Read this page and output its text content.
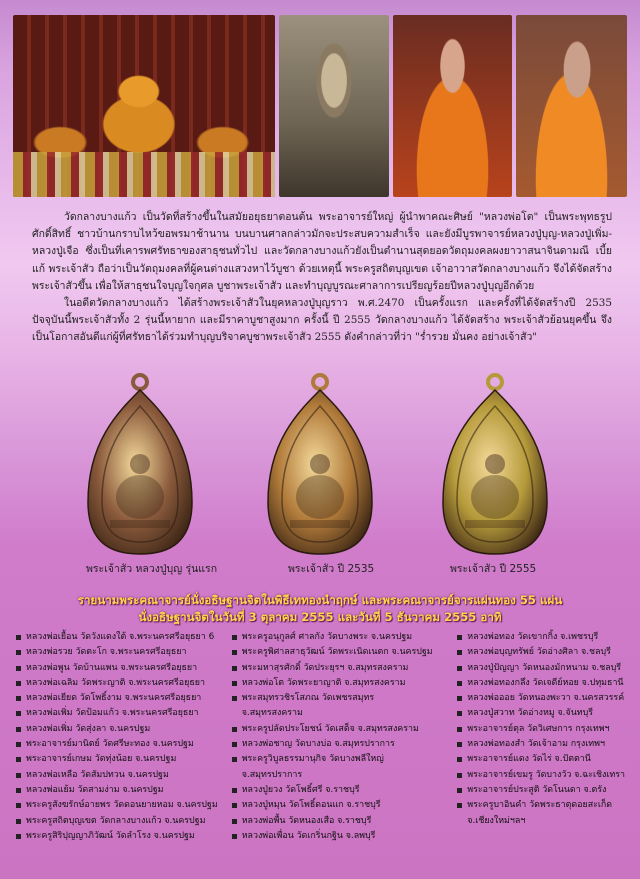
วัดกลางบางแก้ว เป็นวัดที่สร้างขึ้นในสมัยอยุธยาตอนต้น พระอาจารย์ใหญ่ ผู้นำพาคณะศิษย์ "หลวงพ่อโต" เป็นพระพุทธรูปศักดิ์สิทธิ์ ชาวบ้านกราบไหว้ขอพรมาช้านาน บนบานศาลกล่าวมักจะประสบความสำเร็จ และยังมีบูรพาจารย์หลวงปู่บุญ-หลวงปู่เพิ่ม-หลวงปู่เจือ ซึ่งเป็นที่เคารพศรัทธาของสาธุชนทั่วไป และวัดกลางบางแก้วยังเป็นตำนานสุดยอดวัตถุมงคลผงยาวาสนาจินดามณี เบี้ยแก้ พระเจ้าสัว ถือว่าเป็นวัตถุมงคลที่ผู้คนต่างแสวงหาไว้บูชา ด้วยเหตุนี้ พระครูสถิตบุญเขต เจ้าอาวาสวัดกลางบางแก้ว จึงได้จัดสร้างพระเจ้าสัวขึ้น เพื่อให้สาธุชนใจบุญใจกุศล บูชาพระเจ้าสัว และทำบุญบูรณะศาลาการเปรียญร้อยปีหลวงปู่บุญอีกด้วย

ในอดีตวัดกลางบางแก้ว ได้สร้างพระเจ้าสัวในยุคหลวงปู่บุญราว พ.ศ.2470 เป็นครั้งแรก และครั้งที่ได้จัดสร้างปี 2535 ปัจจุบันนี้พระเจ้าสัวทั้ง 2 รุ่นนี้หายาก และมีราคาบูชาสูงมาก ครั้งนี้ ปี 2555 วัดกลางบางแก้ว ได้จัดสร้าง พระเจ้าสัวย้อนยุคขึ้น จึงเป็นโอกาสอันดีแก่ผู้ที่ศรัทธาได้ร่วมทำบุญบริจาคบูชาพระเจ้าสัว 2555 ดังคำกล่าวที่ว่า "ร่ำรวย มั่นคง อย่างเจ้าสัว"

พระเจ้าสัว หลวงปู่บุญ รุ่นแรก	พระเจ้าสัว ปี 2535	พระเจ้าสัว ปี 2555
รายนามพระคณาจารย์นั่งอธิษฐานจิตในพิธีเททองนำฤกษ์ และพระคณาจารย์จารแผ่นทอง 55 แผ่น
นั่งอธิษฐานจิตในวันที่ 3 ตุลาคม 2555 และวันที่ 5 ธันวาคม 2555 อาทิ
หลวงพ่อเยื้อน วัดวังแดงใต้ จ.พระนครศรีอยุธยา 6
หลวงพ่อรวย วัดตะโก จ.พระนครศรีอยุธยา
หลวงพ่อพูน วัดบ้านแพน จ.พระนครศรีอยุธยา
หลวงพ่อเฉลิม วัดพระญาติ จ.พระนครศรีอยุธยา
หลวงพ่อเยียด วัดโพธิ์งาม จ.พระนครศรีอยุธยา
หลวงพ่อเพิ่ม วัดป้อมแก้ว จ.พระนครศรีอยุธยา
หลวงพ่อเพิ่ม วัดสุ่งลา จ.นครปฐม
พระอาจารย์มานิตย์ วัดศรีษะทอง จ.นครปฐม
พระอาจารย์เกษม วัดทุ่งน้อย จ.นครปฐม
หลวงพ่อเหลือ วัดสัมปทวน จ.นครปฐม
หลวงพ่อแย้ม วัดสามง่าม จ.นครปฐม
พระครูสังฆรักษ์อายพร วัดดอนยายหอม จ.นครปฐม
พระครูสถิตบุญเขต วัดกลางบางแก้ว จ.นครปฐม
พระครูสิริปุญญาภิวัฒน์ วัดลำโรง จ.นครปฐม
พระครูอนุกูลศ์ ศาลกัง วัดบางพระ จ.นครปฐม
พระครูพิศาลสาธุวัฒน์ วัดพระเนิดเนตก จ.นครปฐม
พระมหาสุรศักดิ์ วัดประยุรฯ จ.สมุทรสงคราม
หลวงพ่อโต วัดพระยาญาติ จ.สมุทรสงคราม
พระสมุทรวชิรโสภณ วัดเพชรสมุทร
จ.สมุทรสงคราม
พระครูปลัดประโยชน์ วัดเสด็จ จ.สมุทรสงคราม
หลวงพ่อชาญ วัดบางบ่อ จ.สมุทรปราการ
พระครูวิบูลธรรมานุกิจ วัดบางพลีใหญ่
จ.สมุทรปราการ
หลวงปู่ยวง วัดโพธิ์ศรี จ.ราชบุรี
หลวงปู่หมุน วัดโพธิ์ดอนแก จ.ราชบุรี
หลวงพ่อพื้น วัดหนองเสือ จ.ราชบุรี
หลวงพ่อเพื่อน วัดเกริ่นกฐิน จ.ลพบุรี
หลวงพ่อทอง วัดเขากกิ้ง จ.เพชรบุรี
หลวงพ่อบุญทรัพย์ วัดอ่างศิลา จ.ชลบุรี
หลวงปู่ปัญญา วัดหนองมักหนาม จ.ชลบุรี
หลวงพ่อทองกลึง วัดเจดีย์หอย จ.ปทุมธานี
หลวงพ่อออย วัดหนองพะวา จ.นครสวรรค์
หลวงปู่สวาท วัดอ่างหมู จ.จันทบุรี
พระอาจารย์ตุล วัดวิเศษการ กรุงเทพฯ
หลวงพ่อทองสำ วัดเจ้าอาม กรุงเทพฯ
พระอาจารย์แดง วัดไร่ จ.ปัตตานี
พระอาจารย์เขมรู วัดบางวัว จ.ฉะเชิงเทรา
พระอาจารย์ประสูติ วัดโนนดา จ.ตรัง
พระครูบาอินคำ วัดพระธาตุดอยสะเก็ด
จ.เชียงใหม่ฯลฯ
